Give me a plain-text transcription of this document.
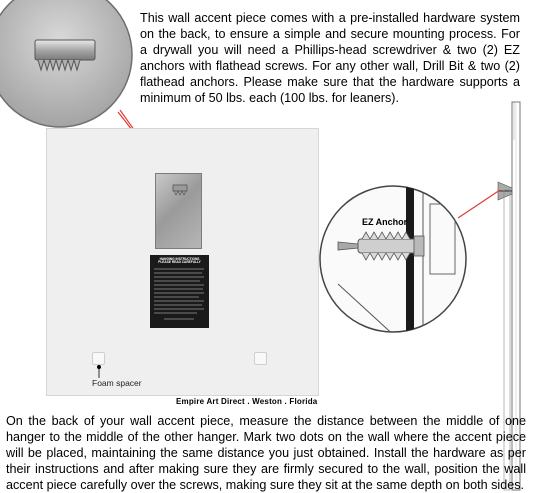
This wall accent piece comes with a pre-installed hardware system on the back, to ensure a simple and secure mounting process. For a drywall you will need a Phillips-head screwdriver & two (2) EZ anchors with flathead screws. For any other wall, Drill Bit & two (2) flathead anchors. Please make sure that the hardware supports a minimum of 50 lbs. each (100 lbs. for leaners).
HANGING INSTRUCTIONS
PLEASE READ CAREFULLY
Foam spacer
Empire Art Direct . Weston . Florida
EZ Anchor
On the back of your wall accent piece, measure the distance between the middle of one hanger to the middle of the other hanger. Mark two dots on the wall where the accent piece will be placed, maintaining the same distance you just obtained. Install the hardware as per their instructions and after making sure they are firmly secured to the wall, position the wall accent piece carefully over the screws, making sure they sit at the same depth on both sides.
